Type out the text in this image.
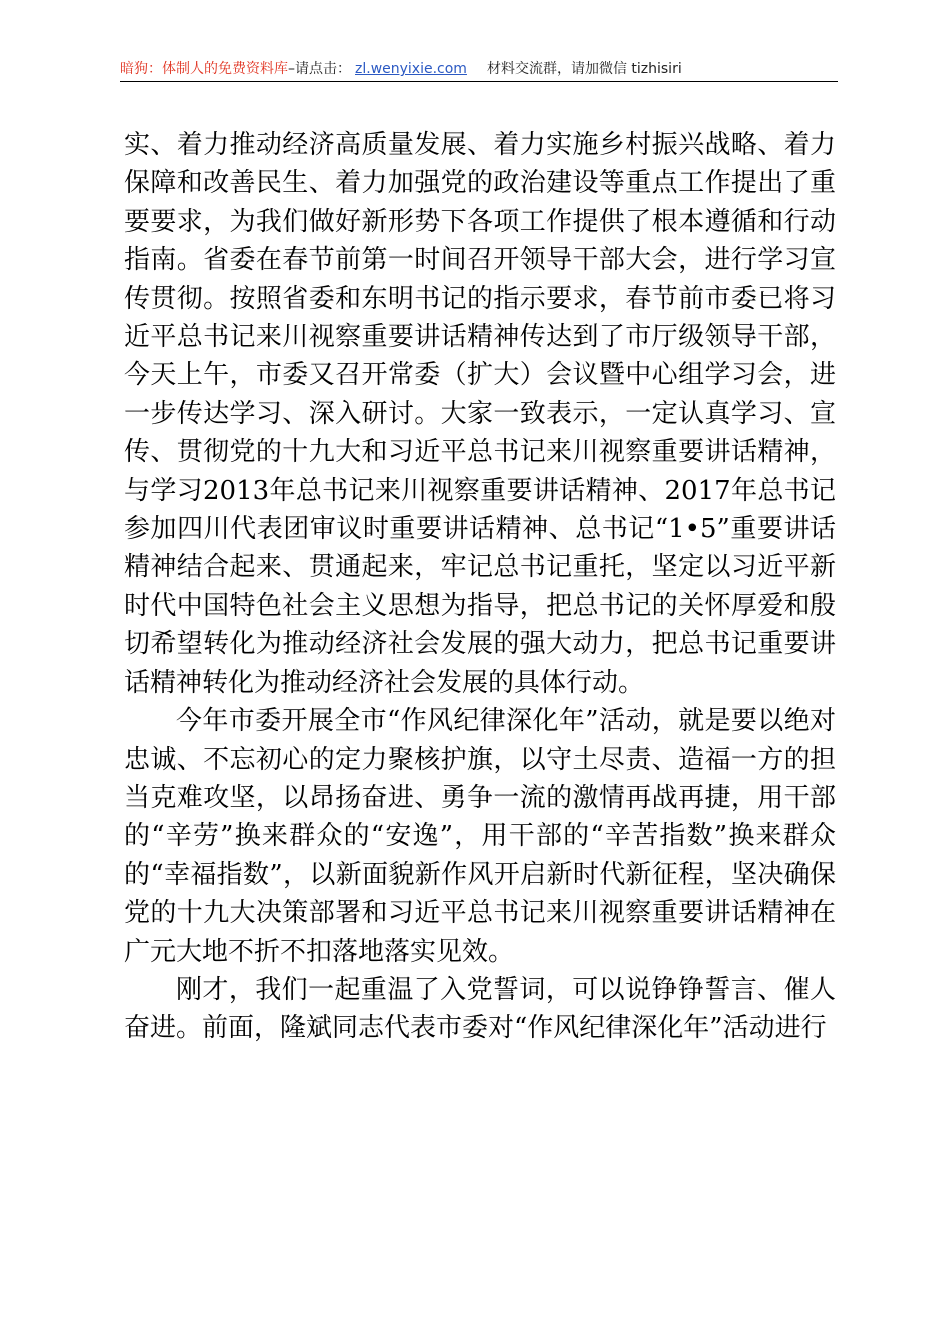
暗狗：体制人的免费资料库–请点击： zl.wenyixie.com 材料交流群，请加微信 tizhisiri

实、着力推动经济高质量发展、着力实施乡村振兴战略、着力保障和改善民生、着力加强党的政治建设等重点工作提出了重要要求，为我们做好新形势下各项工作提供了根本遵循和行动指南。省委在春节前第一时间召开领导干部大会，进行学习宣传贯彻。按照省委和东明书记的指示要求，春节前市委已将习近平总书记来川视察重要讲话精神传达到了市厅级领导干部，今天上午，市委又召开常委（扩大）会议暨中心组学习会，进一步传达学习、深入研讨。大家一致表示，一定认真学习、宣传、贯彻党的十九大和习近平总书记来川视察重要讲话精神，与学习2013年总书记来川视察重要讲话精神、2017年总书记参加四川代表团审议时重要讲话精神、总书记“1•5”重要讲话精神结合起来、贯通起来，牢记总书记重托，坚定以习近平新时代中国特色社会主义思想为指导，把总书记的关怀厚爱和殷切希望转化为推动经济社会发展的强大动力，把总书记重要讲话精神转化为推动经济社会发展的具体行动。

今年市委开展全市“作风纪律深化年”活动，就是要以绝对忠诚、不忘初心的定力聚核护旗，以守土尽责、造福一方的担当克难攻坚，以昂扬奋进、勇争一流的激情再战再捷，用干部的“辛劳”换来群众的“安逸”，用干部的“辛苦指数”换来群众的“幸福指数”，以新面貌新作风开启新时代新征程，坚决确保党的十九大决策部署和习近平总书记来川视察重要讲话精神在广元大地不折不扣落地落实见效。

刚才，我们一起重温了入党誓词，可以说铮铮誓言、催人奋进。前面，隆斌同志代表市委对“作风纪律深化年”活动进行
